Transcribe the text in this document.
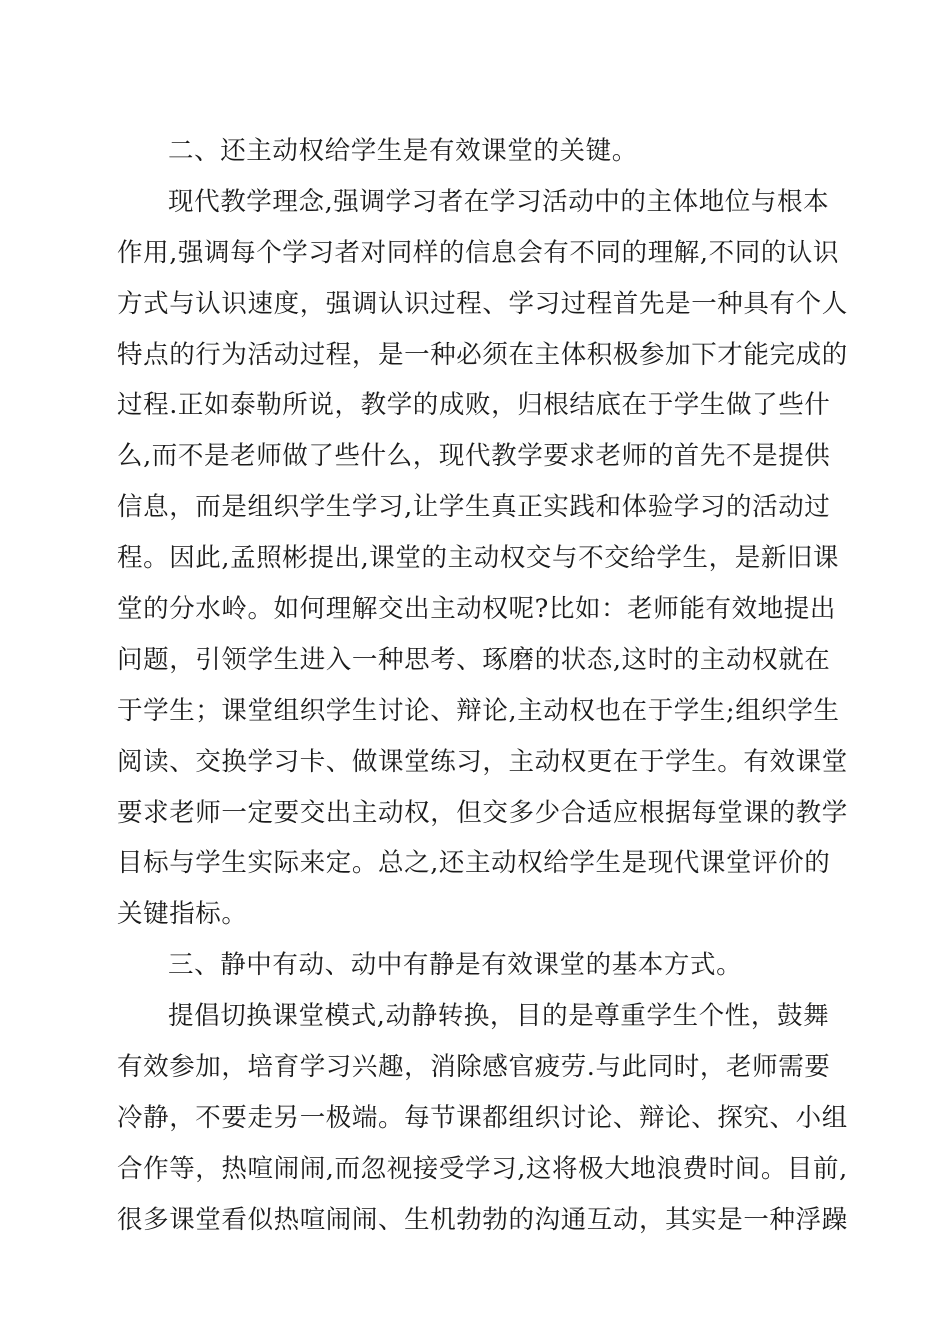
二、还主动权给学生是有效课堂的关键。
现代教学理念,强调学习者在学习活动中的主体地位与根本
作用,强调每个学习者对同样的信息会有不同的理解,不同的认识
方式与认识速度，强调认识过程、学习过程首先是一种具有个人
特点的行为活动过程，是一种必须在主体积极参加下才能完成的
过程.正如泰勒所说，教学的成败，归根结底在于学生做了些什
么,而不是老师做了些什么，现代教学要求老师的首先不是提供
信息，而是组织学生学习,让学生真正实践和体验学习的活动过
程。因此,孟照彬提出,课堂的主动权交与不交给学生，是新旧课
堂的分水岭。如何理解交出主动权呢?比如：老师能有效地提出
问题，引领学生进入一种思考、琢磨的状态,这时的主动权就在
于学生；课堂组织学生讨论、辩论,主动权也在于学生;组织学生
阅读、交换学习卡、做课堂练习，主动权更在于学生。有效课堂
要求老师一定要交出主动权，但交多少合适应根据每堂课的教学
目标与学生实际来定。总之,还主动权给学生是现代课堂评价的
关键指标。
三、静中有动、动中有静是有效课堂的基本方式。
提倡切换课堂模式,动静转换，目的是尊重学生个性，鼓舞
有效参加，培育学习兴趣，消除感官疲劳.与此同时，老师需要
冷静，不要走另一极端。每节课都组织讨论、辩论、探究、小组
合作等，热喧闹闹,而忽视接受学习,这将极大地浪费时间。目前,
很多课堂看似热喧闹闹、生机勃勃的沟通互动，其实是一种浮躁
